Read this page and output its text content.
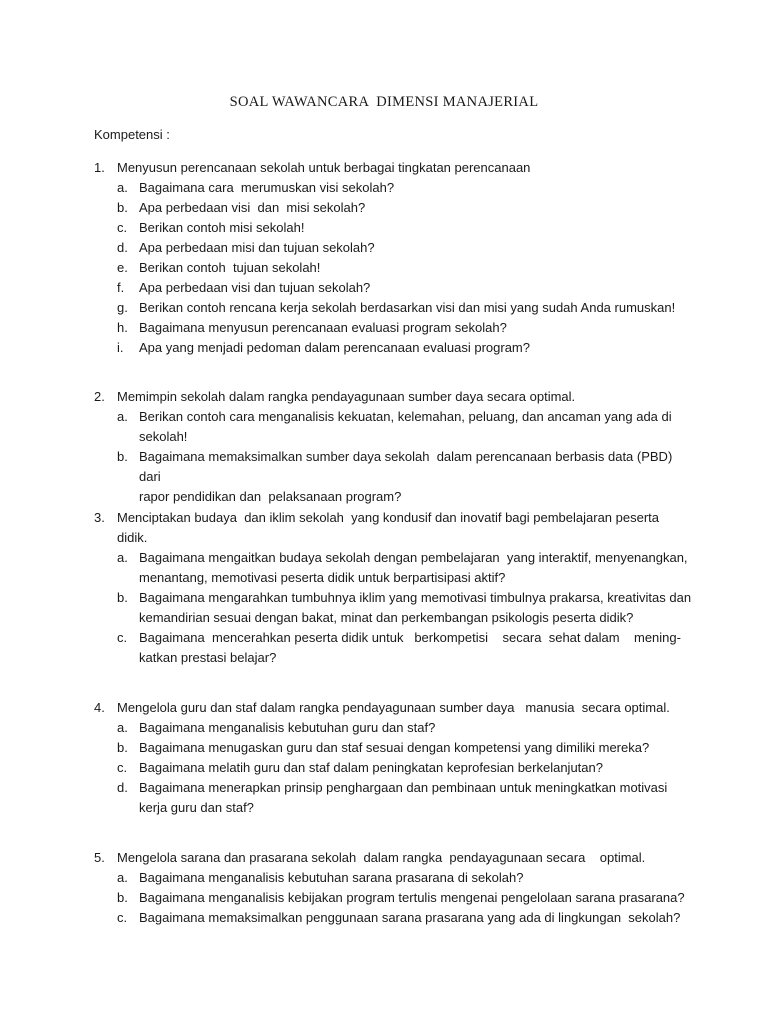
SOAL WAWANCARA  DIMENSI MANAJERIAL
Kompetensi :
1. Menyusun perencanaan sekolah untuk berbagai tingkatan perencanaan
a. Bagaimana cara  merumuskan visi sekolah?
b. Apa perbedaan visi  dan  misi sekolah?
c. Berikan contoh misi sekolah!
d. Apa perbedaan misi dan tujuan sekolah?
e. Berikan contoh  tujuan sekolah!
f.	Apa perbedaan visi dan tujuan sekolah?
g. Berikan contoh rencana kerja sekolah berdasarkan visi dan misi yang sudah Anda rumuskan!
h. Bagaimana menyusun perencanaan evaluasi program sekolah?
i.	Apa yang menjadi pedoman dalam perencanaan evaluasi program?
2. Memimpin sekolah dalam rangka pendayagunaan sumber daya secara optimal.
a. Berikan contoh cara menganalisis kekuatan, kelemahan, peluang, dan ancaman yang ada di
sekolah!
b. Bagaimana memaksimalkan sumber daya sekolah  dalam perencanaan berbasis data (PBD) dari
rapor pendidikan dan  pelaksanaan program?
3. Menciptakan budaya  dan iklim sekolah  yang kondusif dan inovatif bagi pembelajaran peserta
didik.
a. Bagaimana mengaitkan budaya sekolah dengan pembelajaran  yang interaktif, menyenangkan,
menantang, memotivasi peserta didik untuk berpartisipasi aktif?
b. Bagaimana mengarahkan tumbuhnya iklim yang memotivasi timbulnya prakarsa, kreativitas dan
kemandirian sesuai dengan bakat, minat dan perkembangan psikologis peserta didik?
c. Bagaimana  mencerahkan peserta didik untuk   berkompetisi    secara  sehat dalam    mening-
katkan prestasi belajar?
4. Mengelola guru dan staf dalam rangka pendayagunaan sumber daya   manusia  secara optimal.
a. Bagaimana menganalisis kebutuhan guru dan staf?
b. Bagaimana menugaskan guru dan staf sesuai dengan kompetensi yang dimiliki mereka?
c. Bagaimana melatih guru dan staf dalam peningkatan keprofesian berkelanjutan?
d. Bagaimana menerapkan prinsip penghargaan dan pembinaan untuk meningkatkan motivasi
kerja guru dan staf?
5. Mengelola sarana dan prasarana sekolah  dalam rangka  pendayagunaan secara    optimal.
a. Bagaimana menganalisis kebutuhan sarana prasarana di sekolah?
b. Bagaimana menganalisis kebijakan program tertulis mengenai pengelolaan sarana prasarana?
c. Bagaimana memaksimalkan penggunaan sarana prasarana yang ada di lingkungan  sekolah?
